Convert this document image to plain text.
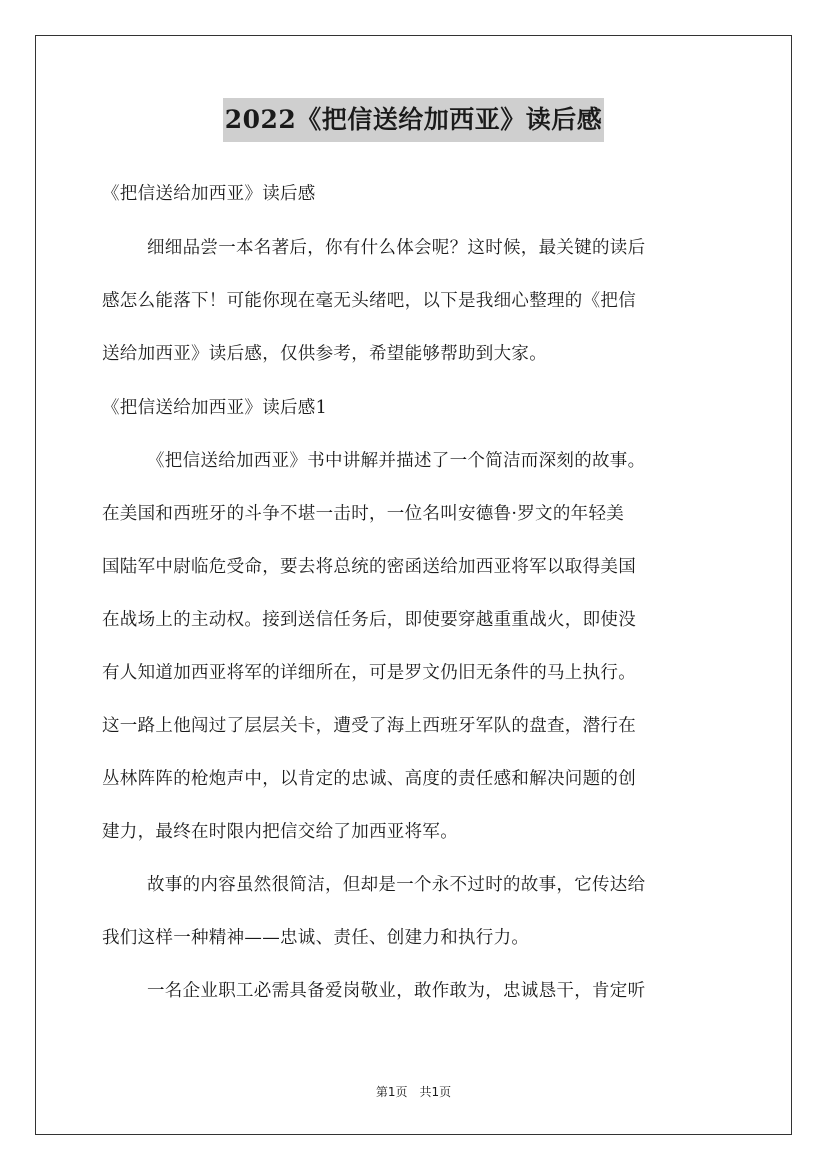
2022《把信送给加西亚》读后感
《把信送给加西亚》读后感
细细品尝一本名著后，你有什么体会呢？这时候，最关键的读后
感怎么能落下！可能你现在毫无头绪吧，以下是我细心整理的《把信
送给加西亚》读后感，仅供参考，希望能够帮助到大家。
《把信送给加西亚》读后感1
《把信送给加西亚》书中讲解并描述了一个简洁而深刻的故事。
在美国和西班牙的斗争不堪一击时，一位名叫安德鲁·罗文的年轻美
国陆军中尉临危受命，要去将总统的密函送给加西亚将军以取得美国
在战场上的主动权。接到送信任务后，即使要穿越重重战火，即使没
有人知道加西亚将军的详细所在，可是罗文仍旧无条件的马上执行。
这一路上他闯过了层层关卡，遭受了海上西班牙军队的盘查，潜行在
丛林阵阵的枪炮声中，以肯定的忠诚、高度的责任感和解决问题的创
建力，最终在时限内把信交给了加西亚将军。
故事的内容虽然很简洁，但却是一个永不过时的故事，它传达给
我们这样一种精神——忠诚、责任、创建力和执行力。
一名企业职工必需具备爱岗敬业，敢作敢为，忠诚恳干，肯定听
第1页　共1页
